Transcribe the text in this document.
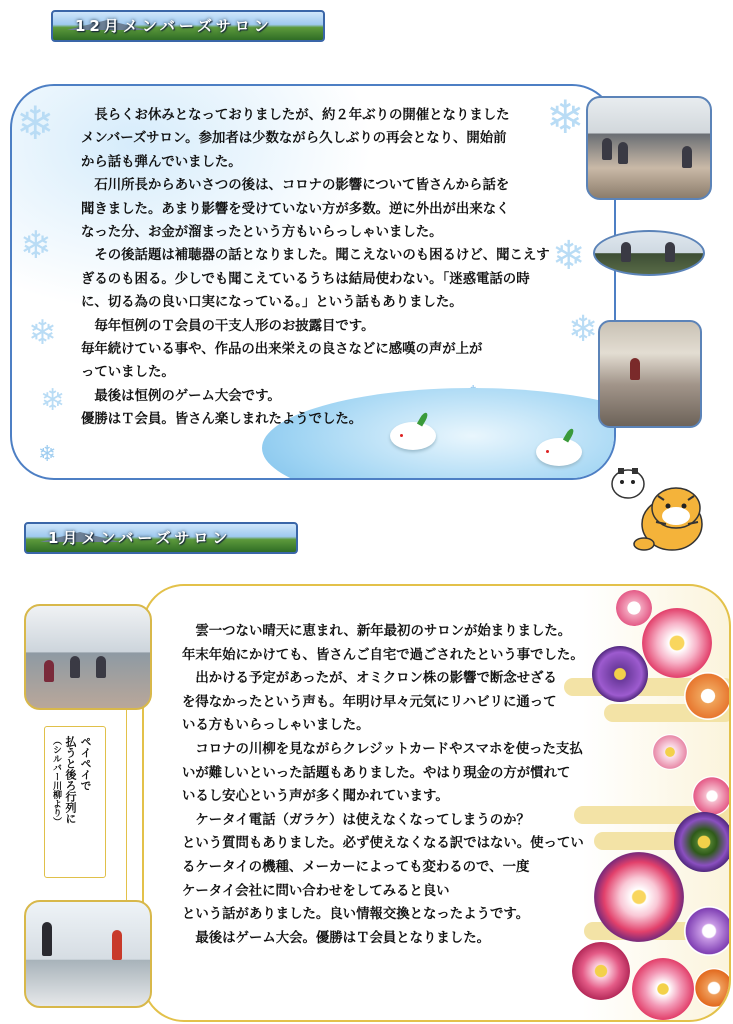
12月メンバーズサロン
❄
❄
❄
❄
❄
❄
❄
❄

　長らくお休みとなっておりましたが、約２年ぶりの開催となりました

メンバーズサロン。参加者は少数ながら久しぶりの再会となり、開始前

から話も弾んでいました。

　石川所長からあいさつの後は、コロナの影響について皆さんから話を

聞きました。あまり影響を受けていない方が多数。逆に外出が出来なく

なった分、お金が溜まったという方もいらっしゃいました。

　その後話題は補聴器の話となりました。聞こえないのも困るけど、聞こえす

ぎるのも困る。少しでも聞こえているうちは結局使わない。「迷惑電話の時

に、切る為の良い口実になっている。」という話もありました。

　毎年恒例のＴ会員の干支人形のお披露目です。

毎年続けている事や、作品の出来栄えの良さなどに感嘆の声が上が

っていました。

　最後は恒例のゲーム大会です。

優勝はＴ会員。皆さん楽しまれたようでした。

1月メンバーズサロン

　雲一つない晴天に恵まれ、新年最初のサロンが始まりました。

年末年始にかけても、皆さんご自宅で過ごされたという事でした。

　出かける予定があったが、オミクロン株の影響で断念せざる

を得なかったという声も。年明け早々元気にリハビリに通って

いる方もいらっしゃいました。

　コロナの川柳を見ながらクレジットカードやスマホを使った支払

いが難しいといった話題もありました。やはり現金の方が慣れて

いるし安心という声が多く聞かれています。

　ケータイ電話（ガラケ）は使えなくなってしまうのか？

という質問もありました。必ず使えなくなる訳ではない。使ってい

るケータイの機種、メーカーによっても変わるので、一度

ケータイ会社に問い合わせをしてみると良い

という話がありました。良い情報交換となったようです。

　最後はゲーム大会。優勝はＴ会員となりました。

ペイペイで
払うと後ろ行列に
（シルバー川柳より）
